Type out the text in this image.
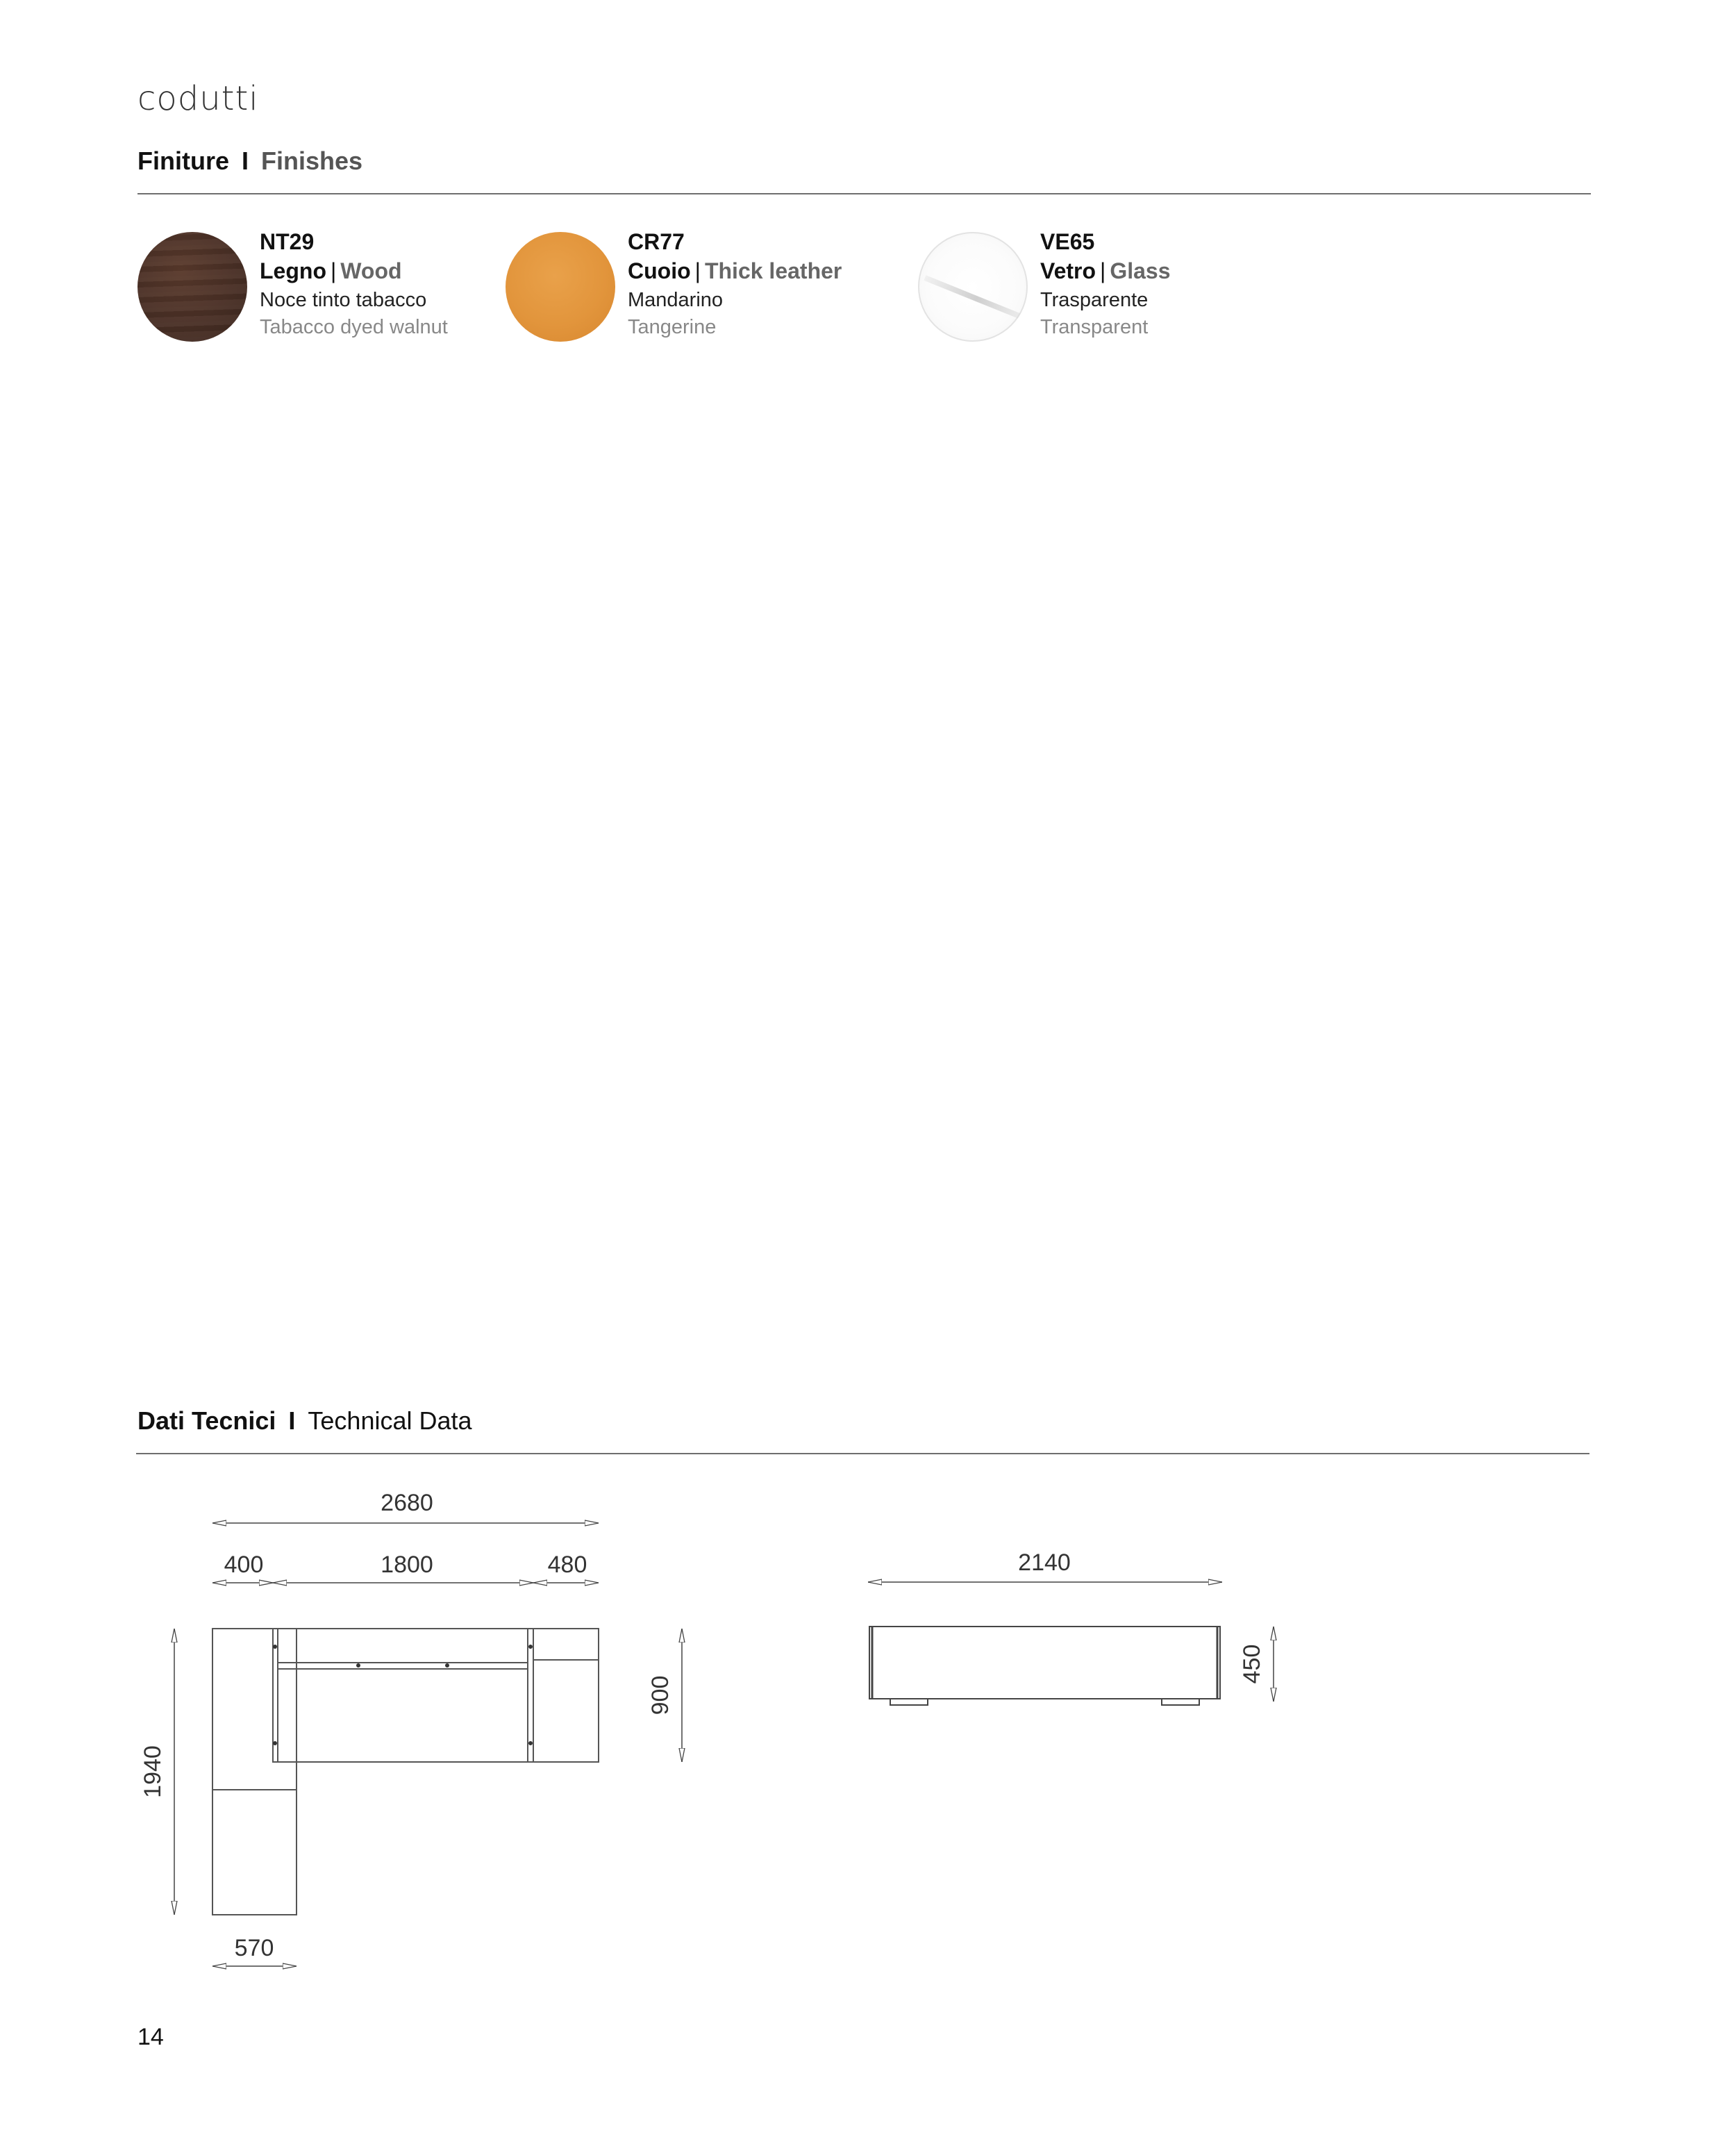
codutti
Finiture I Finishes
NT29
Legno | Wood
Noce tinto tabacco
Tabacco dyed walnut
CR77
Cuoio | Thick leather
Mandarino
Tangerine
VE65
Vetro | Glass
Trasparente
Transparent
Dati Tecnici I Technical Data
2680
400	1800	480
1940
900
570
2140
450
14
